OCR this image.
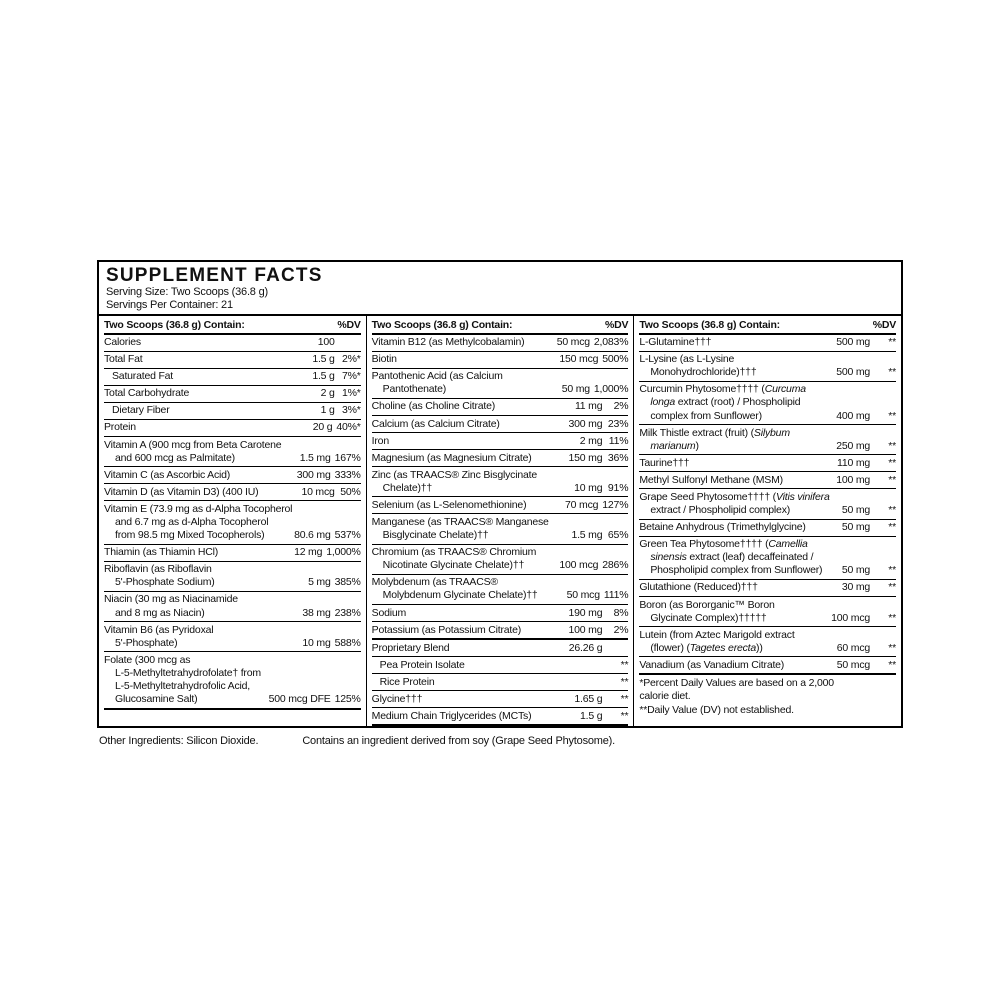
SUPPLEMENT FACTS
Serving Size: Two Scoops (36.8 g)
Servings Per Container: 21
Two Scoops (36.8 g) Contain:	%DV
Calories	100
Total Fat	1.5 g 2%*
Saturated Fat	1.5 g 7%*
Total Carbohydrate	2 g 1%*
Dietary Fiber	1 g 3%*
Protein	20 g 40%*
Vitamin A (900 mcg from Beta Carotene
and 600 mcg as Palmitate)	1.5 mg 167%
Vitamin C (as Ascorbic Acid)	300 mg 333%
Vitamin D (as Vitamin D3) (400 IU)	10 mcg 50%
Vitamin E (73.9 mg as d-Alpha Tocopherol
and 6.7 mg as d-Alpha Tocopherol
from 98.5 mg Mixed Tocopherols)	80.6 mg 537%
Thiamin (as Thiamin HCl)	12 mg 1,000%
Riboflavin (as Riboflavin
5'-Phosphate Sodium)	5 mg 385%
Niacin (30 mg as Niacinamide
and 8 mg as Niacin)	38 mg 238%
Vitamin B6 (as Pyridoxal
5'-Phosphate)	10 mg 588%
Folate (300 mcg as
L-5-Methyltetrahydrofolate† from
L-5-Methyltetrahydrofolic Acid,
Glucosamine Salt)	500 mcg DFE 125%
Two Scoops (36.8 g) Contain:	%DV
Vitamin B12 (as Methylcobalamin)	50 mcg 2,083%
Biotin	150 mcg 500%
Pantothenic Acid (as Calcium
Pantothenate)	50 mg 1,000%
Choline (as Choline Citrate)	11 mg	2%
Calcium (as Calcium Citrate)	300 mg 23%
Iron	2 mg 11%
Magnesium (as Magnesium Citrate)	150 mg 36%
Zinc (as TRAACS® Zinc Bisglycinate
Chelate)††	10 mg 91%
Selenium (as L-Selenomethionine)	70 mcg 127%
Manganese (as TRAACS® Manganese
Bisglycinate Chelate)††	1.5 mg 65%
Chromium (as TRAACS® Chromium
Nicotinate Glycinate Chelate)††	100 mcg 286%
Molybdenum (as TRAACS®
Molybdenum Glycinate Chelate)††	50 mcg 111%
Sodium	190 mg	8%
Potassium (as Potassium Citrate)	100 mg	2%
Proprietary Blend	26.26 g
Pea Protein Isolate	**
Rice Protein	**
Glycine†††	1.65 g	**
Medium Chain Triglycerides (MCTs)	1.5 g	**
Two Scoops (36.8 g) Contain:	%DV
L-Glutamine†††	500 mg	**
L-Lysine (as L-Lysine
Monohydrochloride)†††	500 mg	**
Curcumin Phytosome†††† (Curcuma
longa extract (root) / Phospholipid
complex from Sunflower)	400 mg	**
Milk Thistle extract (fruit) (Silybum
marianum)	250 mg	**
Taurine†††	110 mg	**
Methyl Sulfonyl Methane (MSM)	100 mg	**
Grape Seed Phytosome†††† (Vitis vinifera
extract / Phospholipid complex)	50 mg	**
Betaine Anhydrous (Trimethylglycine)	50 mg	**
Green Tea Phytosome†††† (Camellia
sinensis extract (leaf) decaffeinated /
Phospholipid complex from Sunflower)	50 mg	**
Glutathione (Reduced)†††	30 mg	**
Boron (as Bororganic™ Boron
Glycinate Complex)†††††	100 mcg	**
Lutein (from Aztec Marigold extract
(flower) (Tagetes erecta))	60 mcg	**
Vanadium (as Vanadium Citrate)	50 mcg	**
*Percent Daily Values are based on a 2,000
calorie diet.
**Daily Value (DV) not established.
Other Ingredients: Silicon Dioxide.	Contains an ingredient derived from soy (Grape Seed Phytosome).
